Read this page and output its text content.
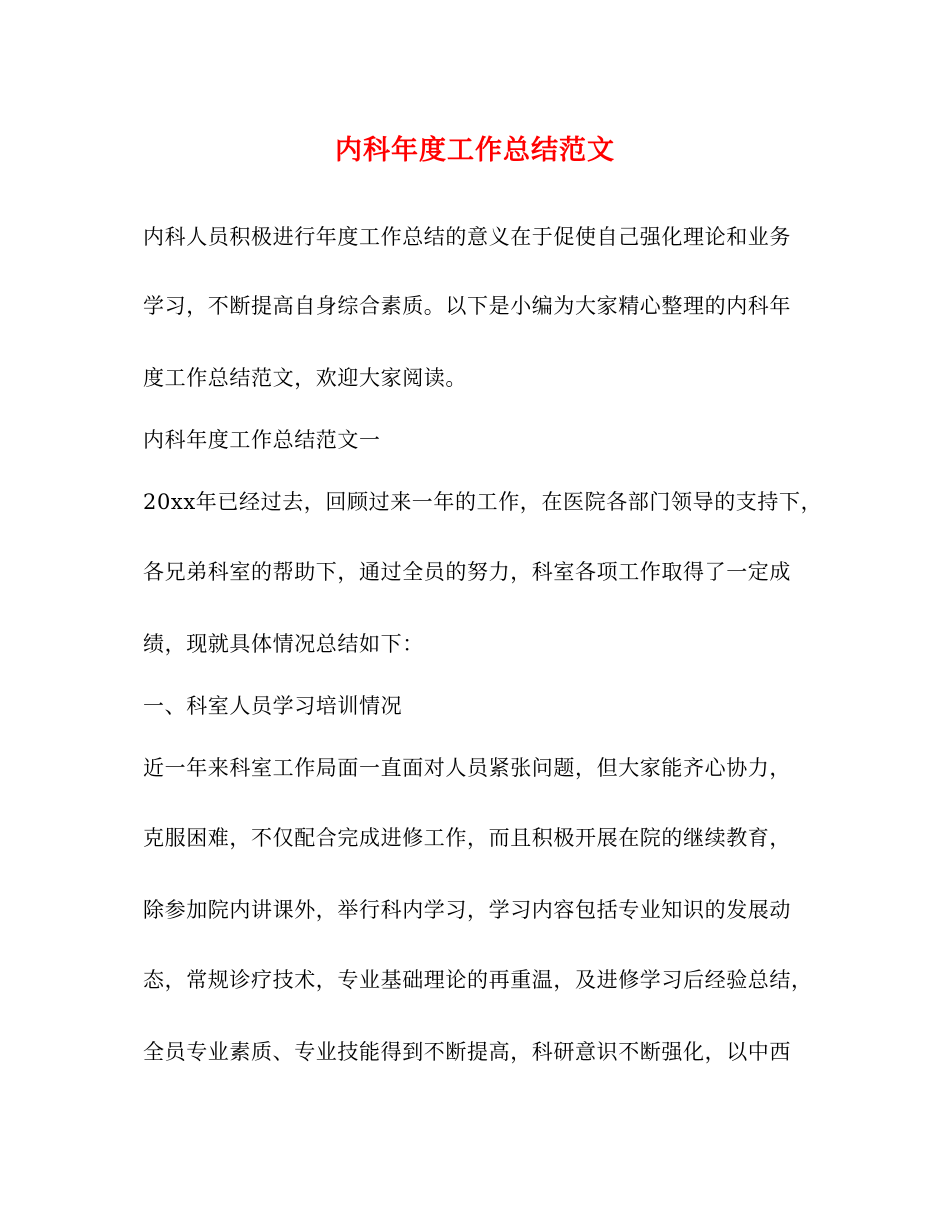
内科年度工作总结范文
内科人员积极进行年度工作总结的意义在于促使自己强化理论和业务
学习，不断提高自身综合素质。以下是小编为大家精心整理的内科年
度工作总结范文，欢迎大家阅读。
内科年度工作总结范文一
20xx年已经过去，回顾过来一年的工作，在医院各部门领导的支持下，
各兄弟科室的帮助下，通过全员的努力，科室各项工作取得了一定成
绩，现就具体情况总结如下：
一、科室人员学习培训情况
近一年来科室工作局面一直面对人员紧张问题，但大家能齐心协力，
克服困难，不仅配合完成进修工作，而且积极开展在院的继续教育，
除参加院内讲课外，举行科内学习，学习内容包括专业知识的发展动
态，常规诊疗技术，专业基础理论的再重温，及进修学习后经验总结，
全员专业素质、专业技能得到不断提高，科研意识不断强化，以中西
